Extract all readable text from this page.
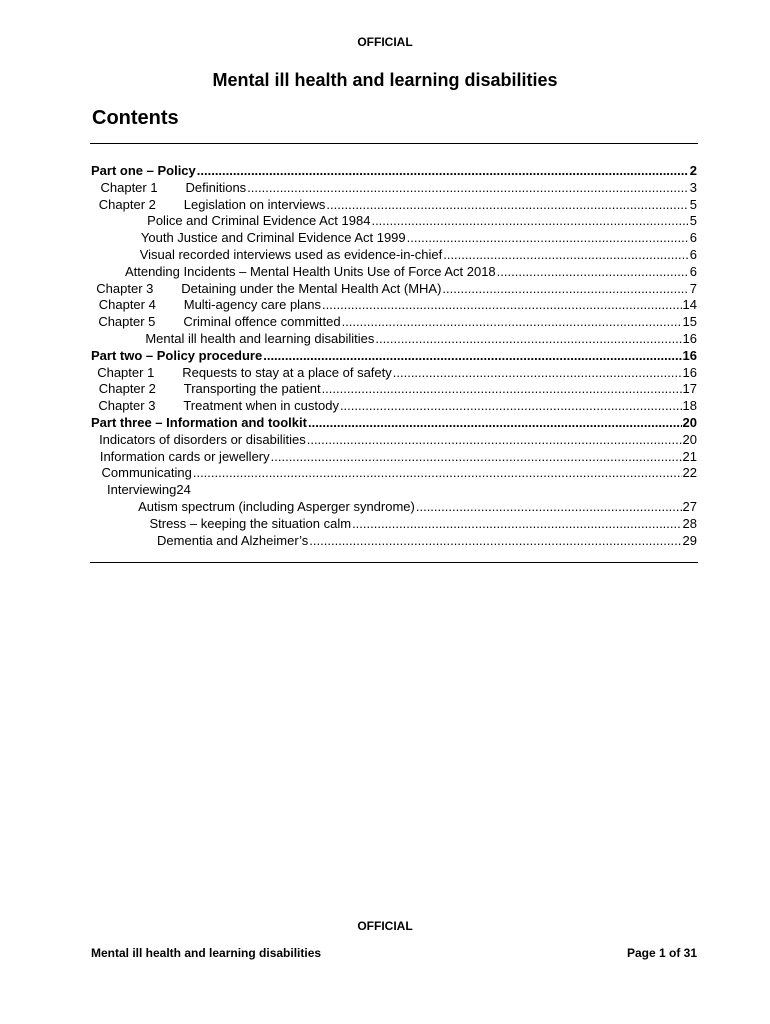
OFFICIAL
Mental ill health and learning disabilities
Contents
Part one – Policy .....	2
Chapter 1	Definitions .....	3
Chapter 2	Legislation on interviews .....	5
Police and Criminal Evidence Act 1984 .....	5
Youth Justice and Criminal Evidence Act 1999 .....	6
Visual recorded interviews used as evidence-in-chief .....	6
Attending Incidents – Mental Health Units Use of Force Act 2018 .....	6
Chapter 3	Detaining under the Mental Health Act (MHA) .....	7
Chapter 4	Multi-agency care plans .....	14
Chapter 5	Criminal offence committed .....	15
Mental ill health and learning disabilities .....	16
Part two – Policy procedure .....	16
Chapter 1	Requests to stay at a place of safety .....	16
Chapter 2	Transporting the patient .....	17
Chapter 3	Treatment when in custody .....	18
Part three – Information and toolkit .....	20
Indicators of disorders or disabilities .....	20
Information cards or jewellery .....	21
Communicating .....	22
Interviewing 24
Autism spectrum (including Asperger syndrome) .....	27
Stress – keeping the situation calm .....	28
Dementia and Alzheimer’s .....	29
OFFICIAL
Mental ill health and learning disabilities	Page 1 of 31
